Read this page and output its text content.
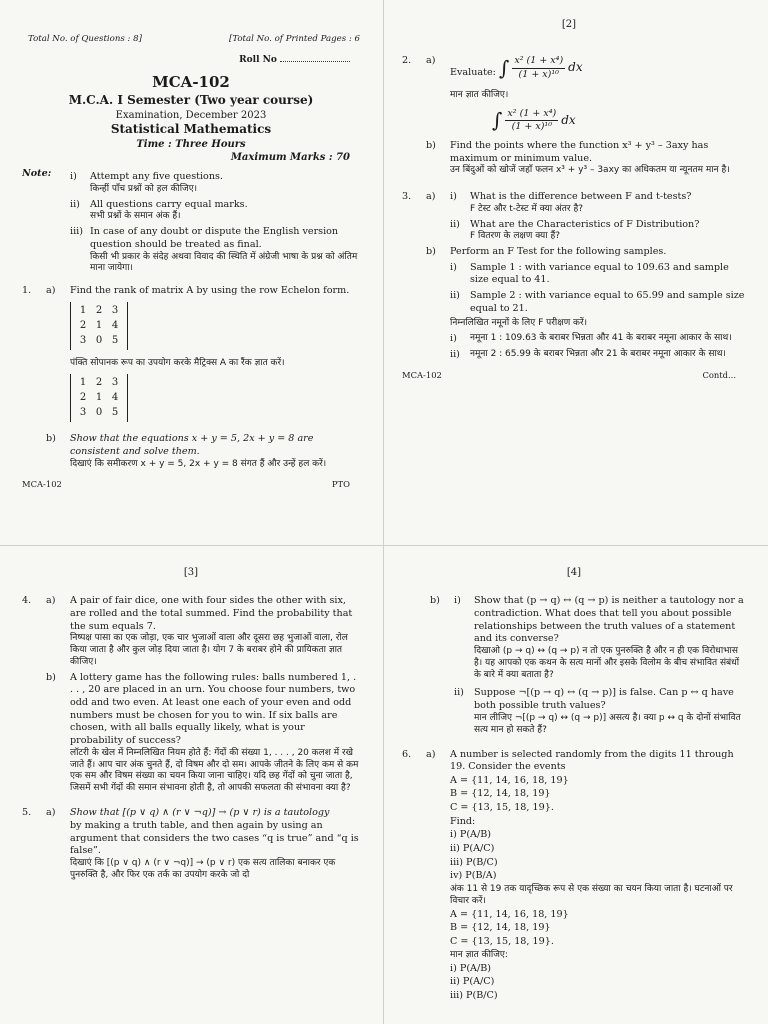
Total No. of Questions : 8]	[Total No. of Printed Pages : 6
Roll No
MCA-102
M.C.A. I Semester (Two year course)
Examination, December 2023
Statistical Mathematics
Time : Three Hours
Maximum Marks : 70
Note:	i)	Attempt any five questions.
किन्हीं पाँच प्रश्नों को हल कीजिए।
ii)	All questions carry equal marks.
सभी प्रश्नों के समान अंक हैं।
iii) In case of any doubt or dispute the English version question should be treated as final.
किसी भी प्रकार के संदेह अथवा विवाद की स्थिति में अंग्रेजी भाषा के प्रश्न को अंतिम माना जायेगा।
1.	a)	Find the rank of matrix A by using the row Echelon form.
1	2	3
2	1	4
3	0	5
पंक्ति सोपानक रूप का उपयोग करके मैट्रिक्स A का रैंक ज्ञात करें।
1	2	3
2	1	4
3	0	5
b)	Show that the equations x + y = 5, 2x + y = 8 are consistent and solve them.
दिखाएं कि समीकरण x + y = 5, 2x + y = 8 संगत हैं और उन्हें हल करें।
MCA-102	PTO
[2]
2.	a)
Evaluate: ∫ $\frac{\text{x² (1 + x⁴)}}{\text{(1 + x)¹⁰}}$ dx
मान ज्ञात कीजिए।
∫ $\frac{\text{x² (1 + x⁴)}}{\text{(1 + x)¹⁰}}$ dx
b)	Find the points where the function x³ + y³ – 3axy has maximum or minimum value.
उन बिंदुओं को खोजें जहाँ फलन x³ + y³ – 3axy का अधिकतम या न्यूनतम मान है।
3.	a)	i)	What is the difference between F and t-tests?
F टेस्ट और t-टेस्ट में क्या अंतर है?
ii)	What are the Characteristics of F Distribution?
F वितरण के लक्षण क्या हैं?
b)	Perform an F Test for the following samples.
i)	Sample 1 : with variance equal to 109.63 and sample size equal to 41.
ii)	Sample 2 : with variance equal to 65.99 and sample size equal to 21.
निम्नलिखित नमूनों के लिए F परीक्षण करें।
i)	नमूना 1 : 109.63 के बराबर भिन्नता और 41 के बराबर नमूना आकार के साथ।
ii)	नमूना 2 : 65.99 के बराबर भिन्नता और 21 के बराबर नमूना आकार के साथ।
MCA-102	Contd...
[3]
4.	a)	A pair of fair dice, one with four sides the other with six, are rolled and the total summed. Find the probability that the sum equals 7.
निष्पक्ष पासा का एक जोड़ा, एक चार भुजाओं वाला और दूसरा छह भुजाओं वाला, रोल किया जाता है और कुल जोड़ दिया जाता है। योग 7 के बराबर होने की प्रायिकता ज्ञात कीजिए।
b)	A lottery game has the following rules: balls numbered 1, . . . , 20 are placed in an urn. You choose four numbers, two odd and two even. At least one each of your even and odd numbers must be chosen for you to win. If six balls are chosen, with all balls equally likely, what is your probability of success?
लॉटरी के खेल में निम्नलिखित नियम होते हैं: गेंदों की संख्या 1, . . . , 20 कलश में रखे जाते हैं। आप चार अंक चुनते हैं, दो विषम और दो सम। आपके जीतने के लिए कम से कम एक सम और विषम संख्या का चयन किया जाना चाहिए। यदि छह गेंदों को चुना जाता है, जिसमें सभी गेंदों की समान संभावना होती है, तो आपकी सफलता की संभावना क्या है?
5.	a)	Show that [(p ∨ q) ∧ (r ∨ ¬q)] → (p ∨ r) is a tautology
by making a truth table, and then again by using an argument that considers the two cases “q is true” and “q is false”.
दिखाएं कि [(p ∨ q) ∧ (r ∨ ¬q)] → (p ∨ r) एक सत्य तालिका बनाकर एक पुनरुक्ति है, और फिर एक तर्क का उपयोग करके जो दो
[4]
b)	i)	Show that (p → q) ↔ (q → p) is neither a tautology nor a contradiction. What does that tell you about possible relationships between the truth values of a statement and its converse?
दिखाओ (p → q) ↔ (q → p) न तो एक पुनरुक्ति है और न ही एक विरोधाभास है। यह आपको एक कथन के सत्य मानों और इसके विलोम के बीच संभावित संबंधों के बारे में क्या बताता है?
ii)	Suppose ¬[(p → q) ↔ (q → p)] is false. Can p ↔ q have both possible truth values?
मान लीजिए ¬[(p → q) ↔ (q → p)] असत्य है। क्या p ↔ q के दोनों संभावित सत्य मान हो सकते हैं?
6.	a)	A number is selected randomly from the digits 11 through 19. Consider the events
A = {11, 14, 16, 18, 19}
B = {12, 14, 18, 19}
C = {13, 15, 18, 19}.
Find:
i) P(A/B)
ii) P(A/C)
iii) P(B/C)
iv) P(B/A)
अंक 11 से 19 तक यादृच्छिक रूप से एक संख्या का चयन किया जाता है। घटनाओं पर विचार करें।
A = {11, 14, 16, 18, 19}
B = {12, 14, 18, 19}
C = {13, 15, 18, 19}.
मान ज्ञात कीजिए:
i) P(A/B)
ii) P(A/C)
iii) P(B/C)
